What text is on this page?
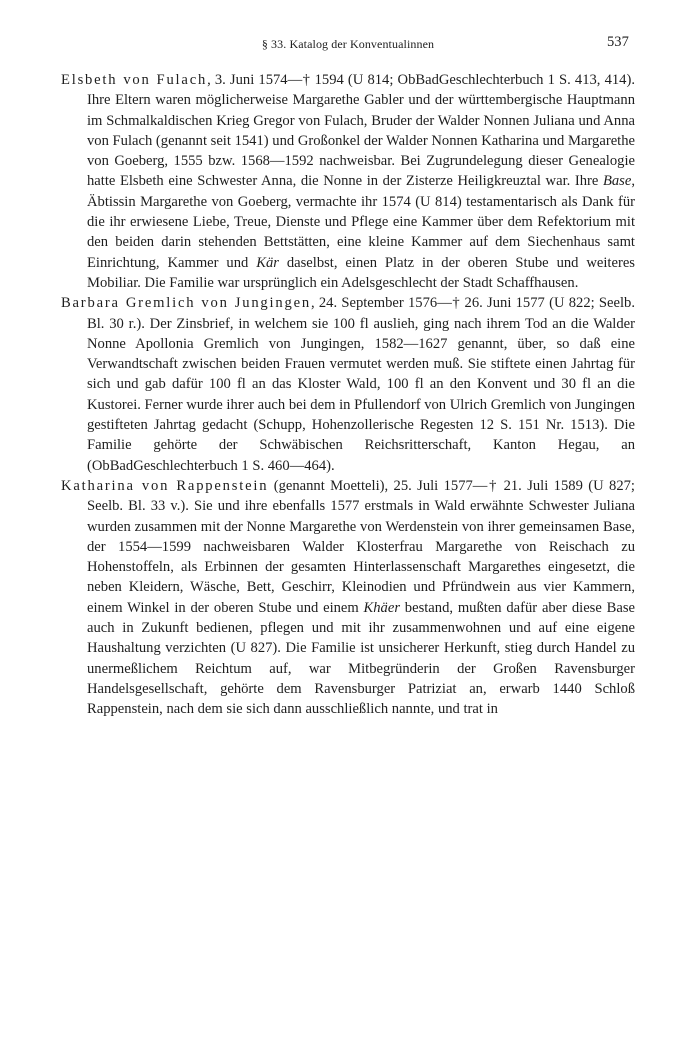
§ 33. Katalog der Konventualinnen	537

Elsbeth von Fulach, 3. Juni 1574—† 1594 (U 814; ObBadGeschlechterbuch 1 S. 413, 414). Ihre Eltern waren möglicherweise Margarethe Gabler und der württembergische Hauptmann im Schmalkaldischen Krieg Gregor von Fulach, Bruder der Walder Nonnen Juliana und Anna von Fulach (genannt seit 1541) und Großonkel der Walder Nonnen Katharina und Margarethe von Goeberg, 1555 bzw. 1568—1592 nachweisbar. Bei Zugrundelegung dieser Genealogie hatte Elsbeth eine Schwester Anna, die Nonne in der Zisterze Heiligkreuztal war. Ihre Base, Äbtissin Margarethe von Goeberg, vermachte ihr 1574 (U 814) testamentarisch als Dank für die ihr erwiesene Liebe, Treue, Dienste und Pflege eine Kammer über dem Refektorium mit den beiden darin stehenden Bettstätten, eine kleine Kammer auf dem Siechenhaus samt Einrichtung, Kammer und Kär daselbst, einen Platz in der oberen Stube und weiteres Mobiliar. Die Familie war ursprünglich ein Adelsgeschlecht der Stadt Schaffhausen.

Barbara Gremlich von Jungingen, 24. September 1576—† 26. Juni 1577 (U 822; Seelb. Bl. 30 r.). Der Zinsbrief, in welchem sie 100 fl auslieh, ging nach ihrem Tod an die Walder Nonne Apollonia Gremlich von Jungingen, 1582—1627 genannt, über, so daß eine Verwandtschaft zwischen beiden Frauen vermutet werden muß. Sie stiftete einen Jahrtag für sich und gab dafür 100 fl an das Kloster Wald, 100 fl an den Konvent und 30 fl an die Kustorei. Ferner wurde ihrer auch bei dem in Pfullendorf von Ulrich Gremlich von Jungingen gestifteten Jahrtag gedacht (Schupp, Hohenzollerische Regesten 12 S. 151 Nr. 1513). Die Familie gehörte der Schwäbischen Reichsritterschaft, Kanton Hegau, an (ObBadGeschlechterbuch 1 S. 460—464).

Katharina von Rappenstein (genannt Moetteli), 25. Juli 1577—† 21. Juli 1589 (U 827; Seelb. Bl. 33 v.). Sie und ihre ebenfalls 1577 erstmals in Wald erwähnte Schwester Juliana wurden zusammen mit der Nonne Margarethe von Werdenstein von ihrer gemeinsamen Base, der 1554—1599 nachweisbaren Walder Klosterfrau Margarethe von Reischach zu Hohenstoffeln, als Erbinnen der gesamten Hinterlassenschaft Margarethes eingesetzt, die neben Kleidern, Wäsche, Bett, Geschirr, Kleinodien und Pfründwein aus vier Kammern, einem Winkel in der oberen Stube und einem Khäer bestand, mußten dafür aber diese Base auch in Zukunft bedienen, pflegen und mit ihr zusammenwohnen und auf eine eigene Haushaltung verzichten (U 827). Die Familie ist unsicherer Herkunft, stieg durch Handel zu unermeßlichem Reichtum auf, war Mitbegründerin der Großen Ravensburger Handelsgesellschaft, gehörte dem Ravensburger Patriziat an, erwarb 1440 Schloß Rappenstein, nach dem sie sich dann ausschließlich nannte, und trat in
